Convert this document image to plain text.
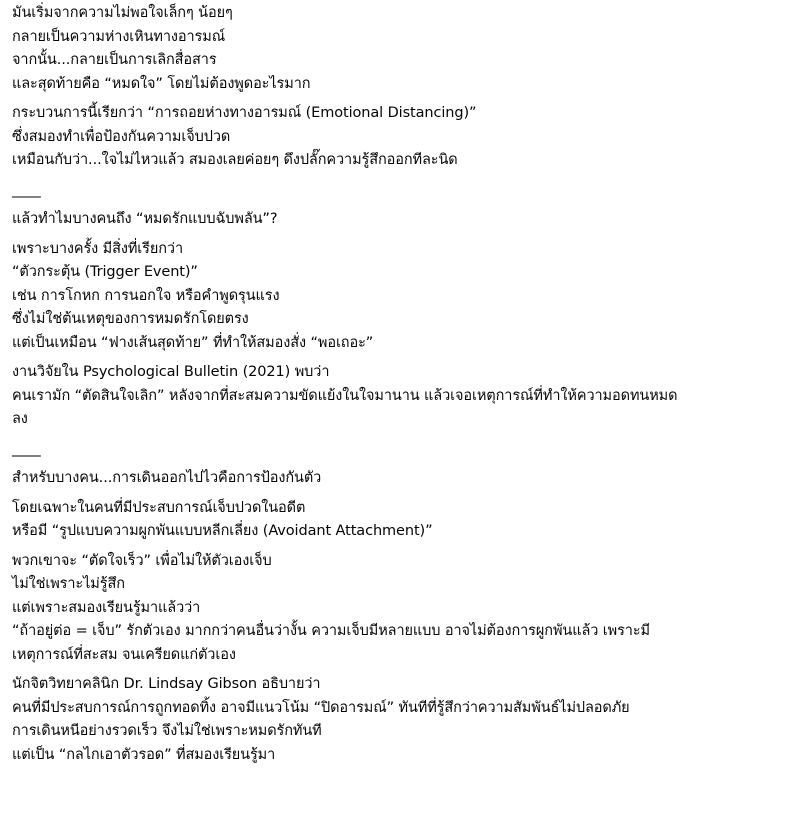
มันเริ่มจากความไม่พอใจเล็กๆ น้อยๆ
กลายเป็นความห่างเหินทางอารมณ์
จากนั้น...กลายเป็นการเลิกสื่อสาร
และสุดท้ายคือ “หมดใจ” โดยไม่ต้องพูดอะไรมาก
กระบวนการนี้เรียกว่า “การถอยห่างทางอารมณ์ (Emotional Distancing)”
ซึ่งสมองทำเพื่อป้องกันความเจ็บปวด
เหมือนกับว่า...ใจไม่ไหวแล้ว สมองเลยค่อยๆ ดึงปลั๊กความรู้สึกออกทีละนิด
____
แล้วทำไมบางคนถึง “หมดรักแบบฉับพลัน”?
เพราะบางครั้ง มีสิ่งที่เรียกว่า
“ตัวกระตุ้น (Trigger Event)”
เช่น การโกหก การนอกใจ หรือคำพูดรุนแรง
ซึ่งไม่ใช่ต้นเหตุของการหมดรักโดยตรง
แต่เป็นเหมือน “ฟางเส้นสุดท้าย” ที่ทำให้สมองสั่ง “พอเถอะ”
งานวิจัยใน Psychological Bulletin (2021) พบว่า
คนเรามัก “ตัดสินใจเลิก” หลังจากที่สะสมความขัดแย้งในใจมานาน แล้วเจอเหตุการณ์ที่ทำให้ความอดทนหมด
ลง
____
สำหรับบางคน...การเดินออกไปไวคือการป้องกันตัว
โดยเฉพาะในคนที่มีประสบการณ์เจ็บปวดในอดีต
หรือมี “รูปแบบความผูกพันแบบหลีกเลี่ยง (Avoidant Attachment)”
พวกเขาจะ “ตัดใจเร็ว” เพื่อไม่ให้ตัวเองเจ็บ
ไม่ใช่เพราะไม่รู้สึก
แต่เพราะสมองเรียนรู้มาแล้วว่า
“ถ้าอยู่ต่อ = เจ็บ” รักตัวเอง มากกว่าคนอื่นว่างั้น ความเจ็บมีหลายแบบ อาจไม่ต้องการผูกพันแล้ว เพราะมี
เหตุการณ์ที่สะสม จนเครียดแก่ตัวเอง
นักจิตวิทยาคลินิก Dr. Lindsay Gibson อธิบายว่า
คนที่มีประสบการณ์การถูกทอดทิ้ง อาจมีแนวโน้ม “ปิดอารมณ์” ทันทีที่รู้สึกว่าความสัมพันธ์ไม่ปลอดภัย
การเดินหนีอย่างรวดเร็ว จึงไม่ใช่เพราะหมดรักทันที
แต่เป็น “กลไกเอาตัวรอด” ที่สมองเรียนรู้มา
